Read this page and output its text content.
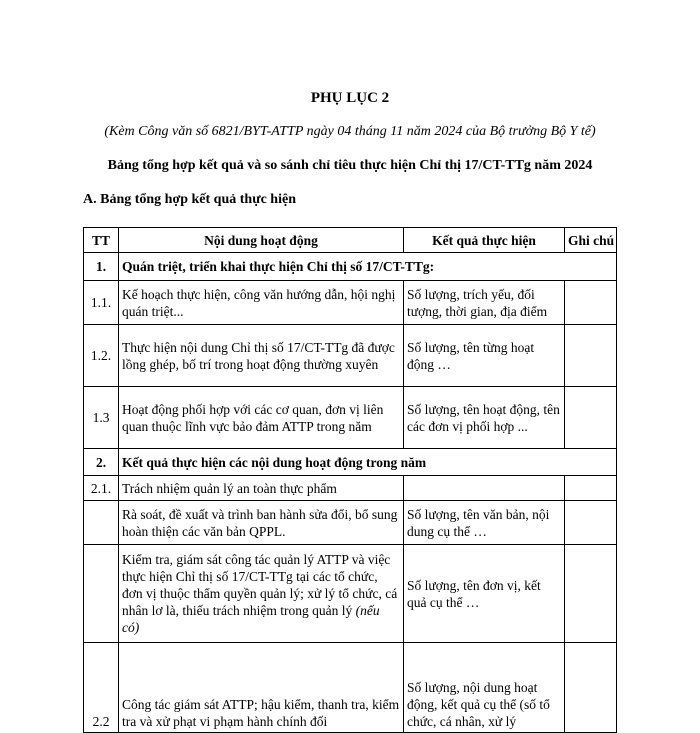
PHỤ LỤC 2
(Kèm Công văn số 6821/BYT-ATTP ngày 04 tháng 11 năm 2024 của Bộ trưởng Bộ Y tế)
Bảng tổng hợp kết quả và so sánh chỉ tiêu thực hiện Chỉ thị 17/CT-TTg năm 2024
A. Bảng tổng hợp kết quả thực hiện
TT	Nội dung hoạt động	Kết quả thực hiện	Ghi chú
1.	Quán triệt, triển khai thực hiện Chỉ thị số 17/CT-TTg:		
1.1.	Kế hoạch thực hiện, công văn hướng dẫn, hội nghị quán triệt...	Số lượng, trích yếu, đối tượng, thời gian, địa điểm	
1.2.	Thực hiện nội dung Chỉ thị số 17/CT-TTg đã được lồng ghép, bố trí trong hoạt động thường xuyên	Số lượng, tên từng hoạt động …	
1.3	Hoạt động phối hợp với các cơ quan, đơn vị liên quan thuộc lĩnh vực bảo đảm ATTP trong năm	Số lượng, tên hoạt động, tên các đơn vị phối hợp ...	
2.	Kết quả thực hiện các nội dung hoạt động trong năm		
2.1.	Trách nhiệm quản lý an toàn thực phẩm		
	Rà soát, đề xuất và trình ban hành sửa đổi, bổ sung hoàn thiện các văn bản QPPL.	Số lượng, tên văn bản, nội dung cụ thể …	
	Kiểm tra, giám sát công tác quản lý ATTP và việc thực hiện Chỉ thị số 17/CT-TTg tại các tổ chức, đơn vị thuộc thẩm quyền quản lý; xử lý tổ chức, cá nhân lơ là, thiếu trách nhiệm trong quản lý (nếu có)	Số lượng, tên đơn vị, kết quả cụ thể …	
2.2	Công tác giám sát ATTP; hậu kiểm, thanh tra, kiểm tra và xử phạt vi phạm hành chính đối	Số lượng, nội dung hoạt động, kết quả cụ thể (số tổ chức, cá nhân, xử lý	
